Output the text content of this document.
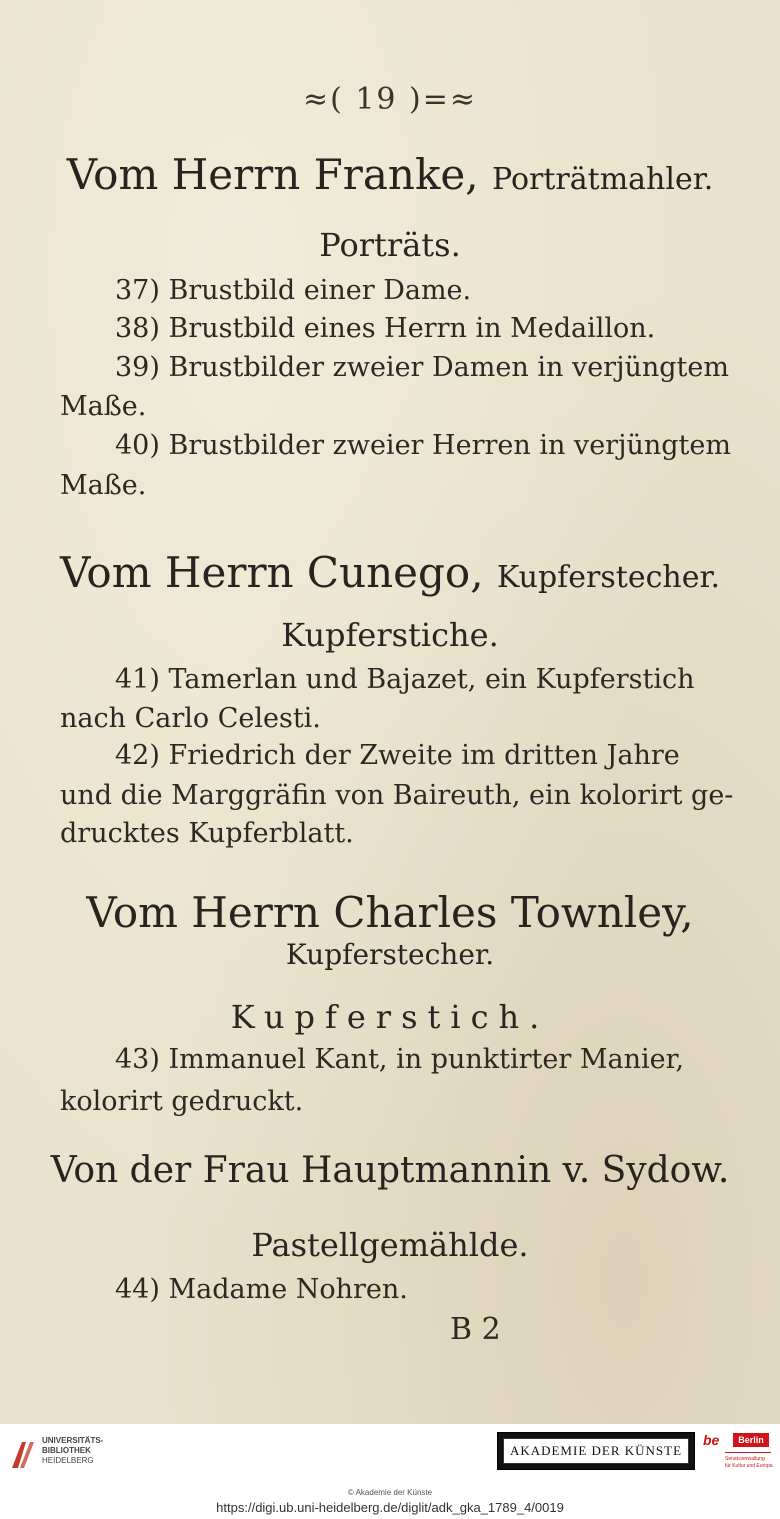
≈( 19 )=≈
Vom Herrn Franke, Porträtmahler.
Porträts.
37) Brustbild einer Dame.
38) Brustbild eines Herrn in Medaillon.
39) Brustbilder zweier Damen in verjüngtem
Maße.
40) Brustbilder zweier Herren in verjüngtem
Maße.
Vom Herrn Cunego, Kupferstecher.
Kupferstiche.
41) Tamerlan und Bajazet, ein Kupferstich
nach Carlo Celesti.
42) Friedrich der Zweite im dritten Jahre
und die Marggräfin von Baireuth, ein kolorirt ge-
drucktes Kupferblatt.
Vom Herrn Charles Townley,
Kupferstecher.
Kupferstich.
43) Immanuel Kant, in punktirter Manier,
kolorirt gedruckt.
Von der Frau Hauptmannin v. Sydow.
Pastellgemählde.
44) Madame Nohren.
B 2
UNIVERSITÄTS-
BIBLIOTHEK
HEIDELBERG
AKADEMIE DER KÜNSTE
be	Berlin
Senatsverwaltung
für Kultur und Europa
© Akademie der Künste
https://digi.ub.uni-heidelberg.de/diglit/adk_gka_1789_4/0019
